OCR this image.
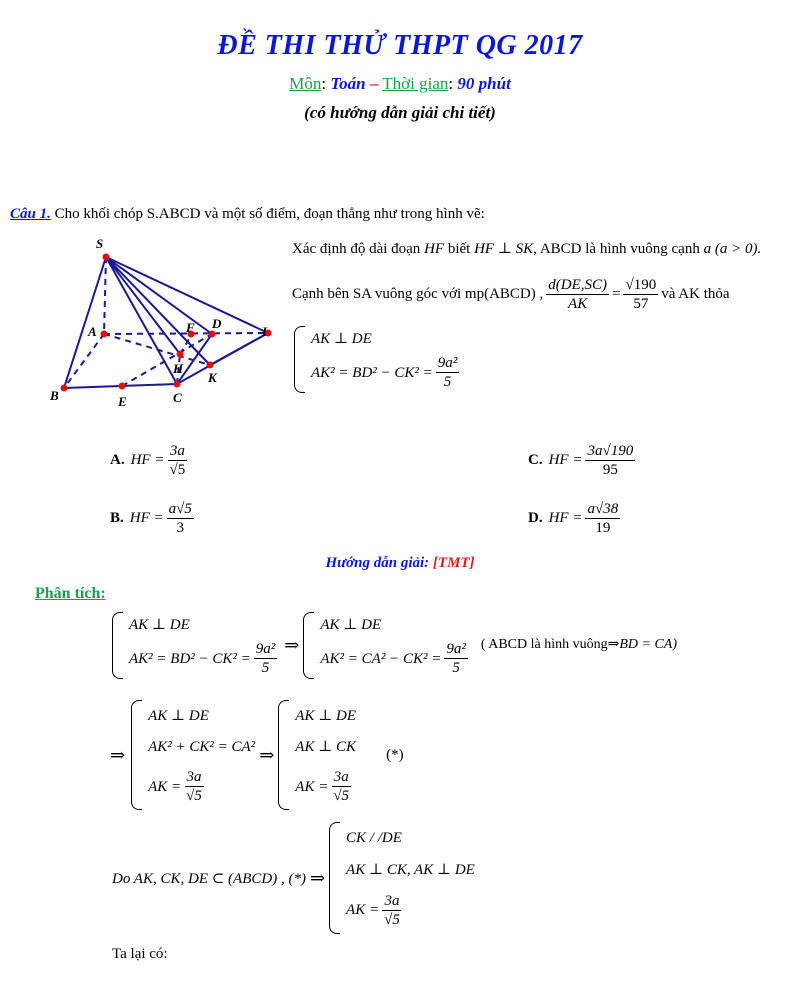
ĐỀ THI THỬ THPT QG 2017
Môn: Toán – Thời gian: 90 phút
(có hướng dẫn giải chi tiết)
Câu 1. Cho khối chóp S.ABCD và một số điểm, đoạn thẳng như trong hình vẽ:
S
A	F D
I
H
K
B	E	C
Xác định độ dài đoạn HF biết HF ⊥ SK, ABCD là hình vuông cạnh a (a > 0).
Cạnh bên SA vuông góc với mp(ABCD) , $\frac{d(DE,SC)}{AK} = \frac{√190}{57}$ và AK thỏa
AK ⊥ DE
$AK^2 = BD^2 - CK^2 = \frac{\text{9a²}}{5}$
A. HF = $\frac{3a}{√5}$	C. HF = $\frac{3a√190}{95}$
B. HF = $\frac{a√5}{3}$	D. HF = $\frac{a√38}{19}$
Hướng dẫn giải: [TMT]
Phân tích:
AK ⊥ DE
$AK^2 = BD^2 - CK^2 = \frac{\text{9a²}}{5}$ ⇒
AK ⊥ DE
$AK^2 = CA^2 - CK^2 = \frac{\text{9a²}}{5}$ ( ABCD là hình vuông⇒BD = CA)
⇒
AK ⊥ DE
AK² + CK² = CA²
AK = $\frac{3a}{√5}$
⇒
AK ⊥ DE
AK ⊥ CK
AK = $\frac{3a}{√5}$
(*)
Do AK, CK, DE ⊂ (ABCD) , (*) ⇒
CK / /DE
AK ⊥ CK, AK ⊥ DE
AK = $\frac{3a}{√5}$
Ta lại có:
